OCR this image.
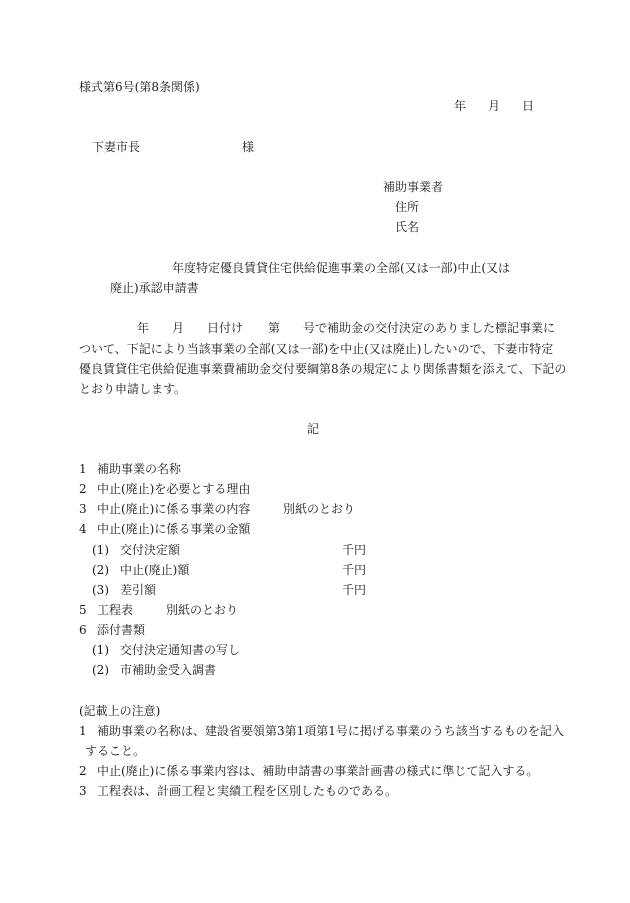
様式第6号(第8条関係)
年 月 日
下妻市長	様
補助事業者
住所
氏名
年度特定優良賃貸住宅供給促進事業の全部(又は一部)中止(又は
廃止)承認申請書
年 月 日付け 第 号で補助金の交付決定のありました標記事業に
ついて、下記により当該事業の全部(又は一部)を中止(又は廃止)したいので、下妻市特定
優良賃貸住宅供給促進事業費補助金交付要綱第8条の規定により関係書類を添えて、下記の
とおり申請します。
記
1 補助事業の名称
2 中止(廃止)を必要とする理由
3 中止(廃止)に係る事業の内容	別紙のとおり
4 中止(廃止)に係る事業の金額
(1) 交付決定額	千円
(2) 中止(廃止)額	千円
(3) 差引額	千円
5 工程表	別紙のとおり
6 添付書類
(1) 交付決定通知書の写し
(2) 市補助金受入調書
(記載上の注意)
1 補助事業の名称は、建設省要領第3第1項第1号に掲げる事業のうち該当するものを記入
すること。
2 中止(廃止)に係る事業内容は、補助申請書の事業計画書の様式に準じて記入する。
3 工程表は、計画工程と実績工程を区別したものである。
